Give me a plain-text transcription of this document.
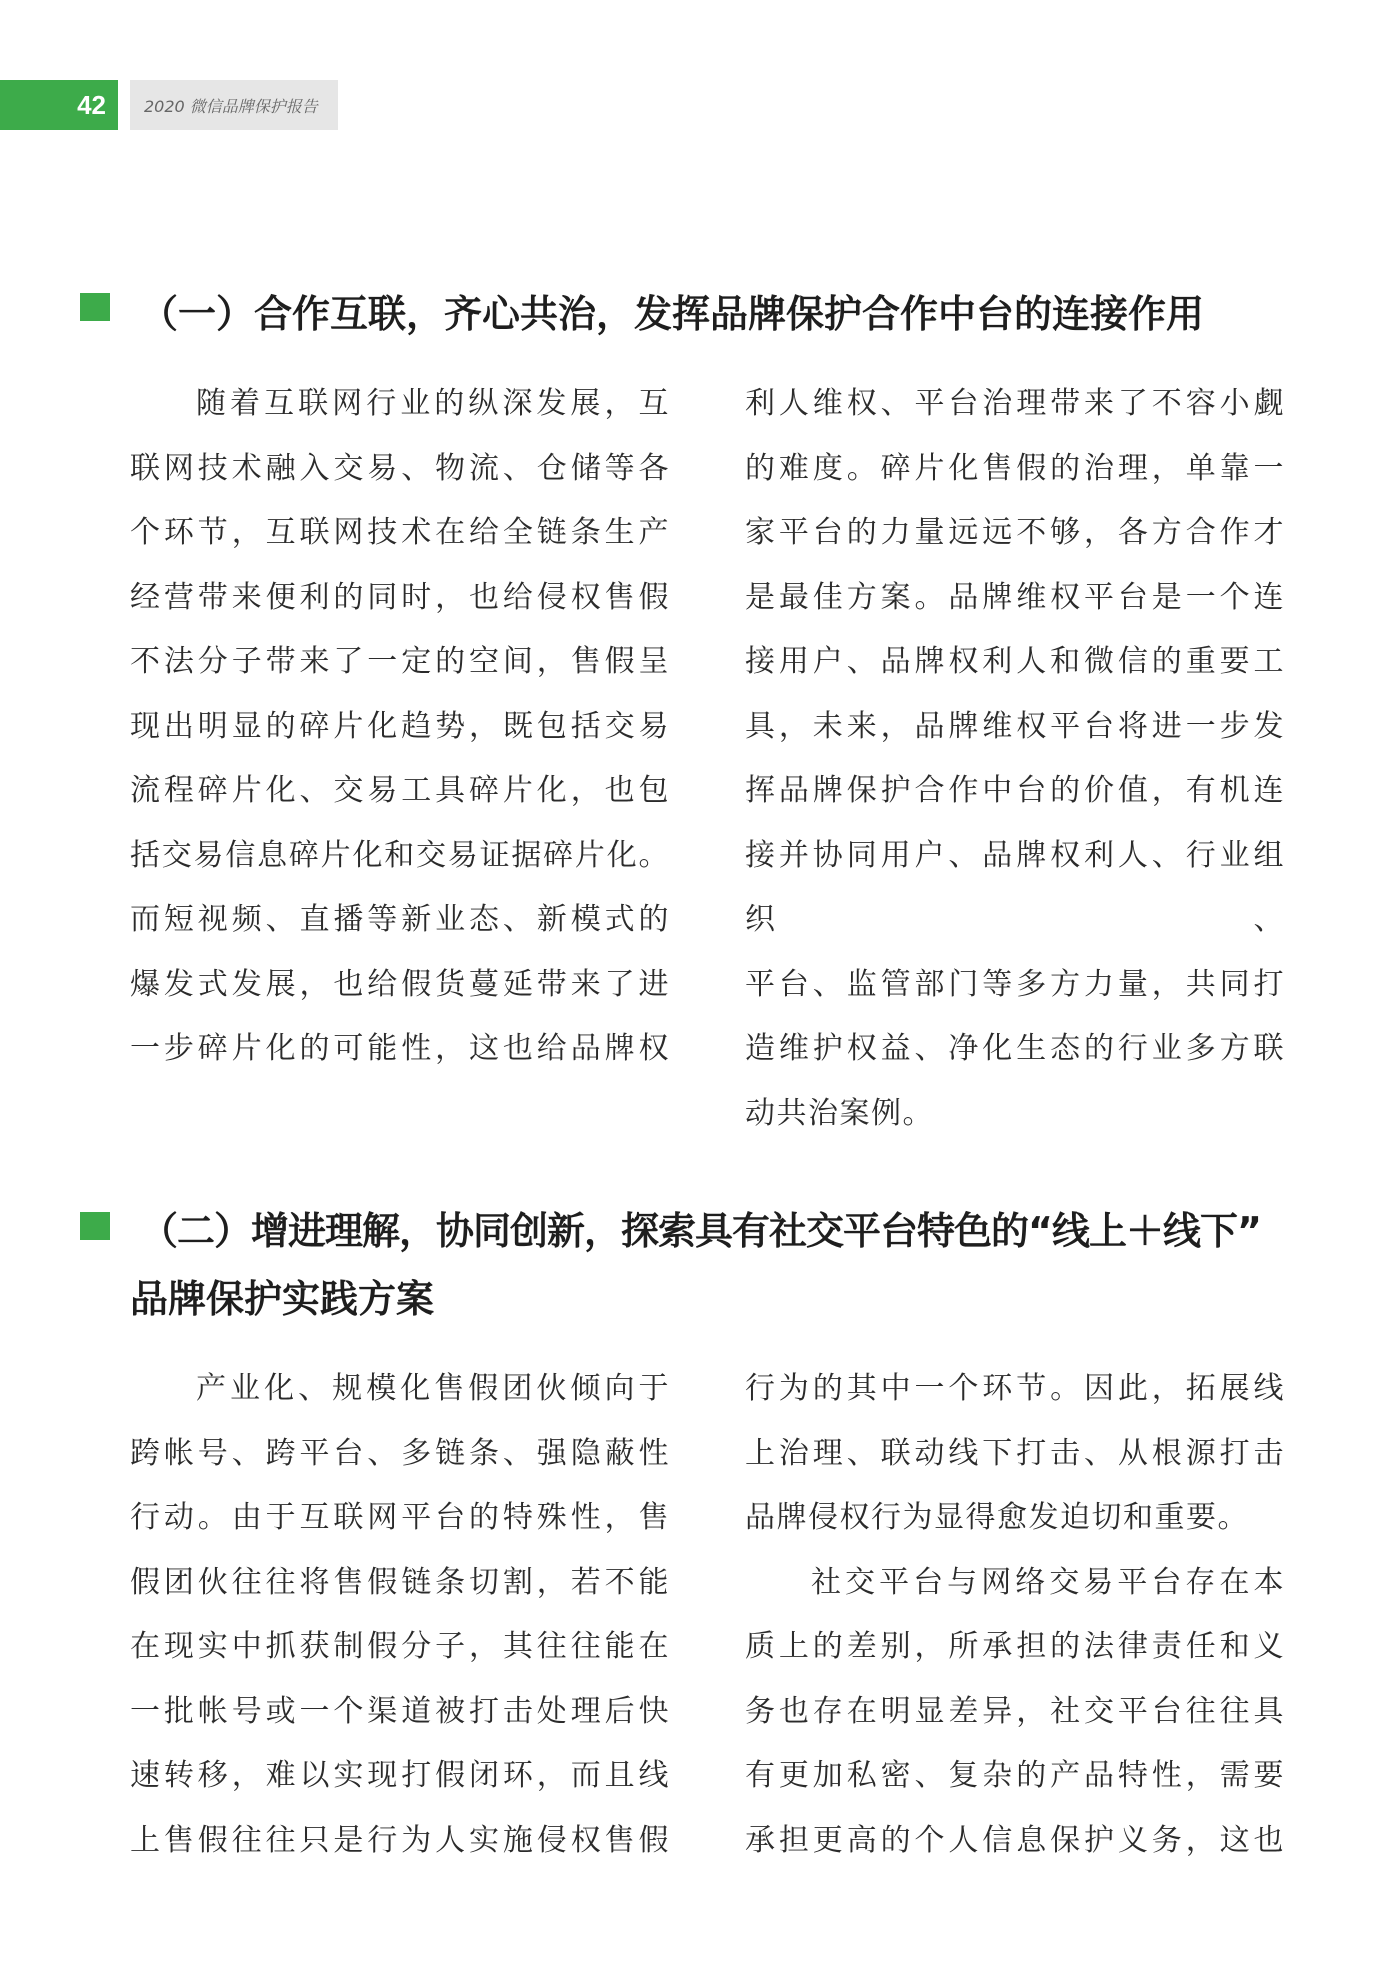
42	2020 微信品牌保护报告
（一）合作互联，齐心共治，发挥品牌保护合作中台的连接作用

随着互联网行业的纵深发展，互

联网技术融入交易、物流、仓储等各

个环节，互联网技术在给全链条生产

经营带来便利的同时，也给侵权售假

不法分子带来了一定的空间，售假呈

现出明显的碎片化趋势，既包括交易

流程碎片化、交易工具碎片化，也包

括交易信息碎片化和交易证据碎片化。

而短视频、直播等新业态、新模式的

爆发式发展，也给假货蔓延带来了进

一步碎片化的可能性，这也给品牌权

利人维权、平台治理带来了不容小觑

的难度。碎片化售假的治理，单靠一

家平台的力量远远不够，各方合作才

是最佳方案。品牌维权平台是一个连

接用户、品牌权利人和微信的重要工

具，未来，品牌维权平台将进一步发

挥品牌保护合作中台的价值，有机连

接并协同用户、品牌权利人、行业组织、

平台、监管部门等多方力量，共同打

造维护权益、净化生态的行业多方联

动共治案例。

（二）增进理解，协同创新，探索具有社交平台特色的“线上＋线下”
品牌保护实践方案

产业化、规模化售假团伙倾向于

跨帐号、跨平台、多链条、强隐蔽性

行动。由于互联网平台的特殊性，售

假团伙往往将售假链条切割，若不能

在现实中抓获制假分子，其往往能在

一批帐号或一个渠道被打击处理后快

速转移，难以实现打假闭环，而且线

上售假往往只是行为人实施侵权售假

行为的其中一个环节。因此，拓展线

上治理、联动线下打击、从根源打击

品牌侵权行为显得愈发迫切和重要。

社交平台与网络交易平台存在本

质上的差别，所承担的法律责任和义

务也存在明显差异，社交平台往往具

有更加私密、复杂的产品特性，需要

承担更高的个人信息保护义务，这也
